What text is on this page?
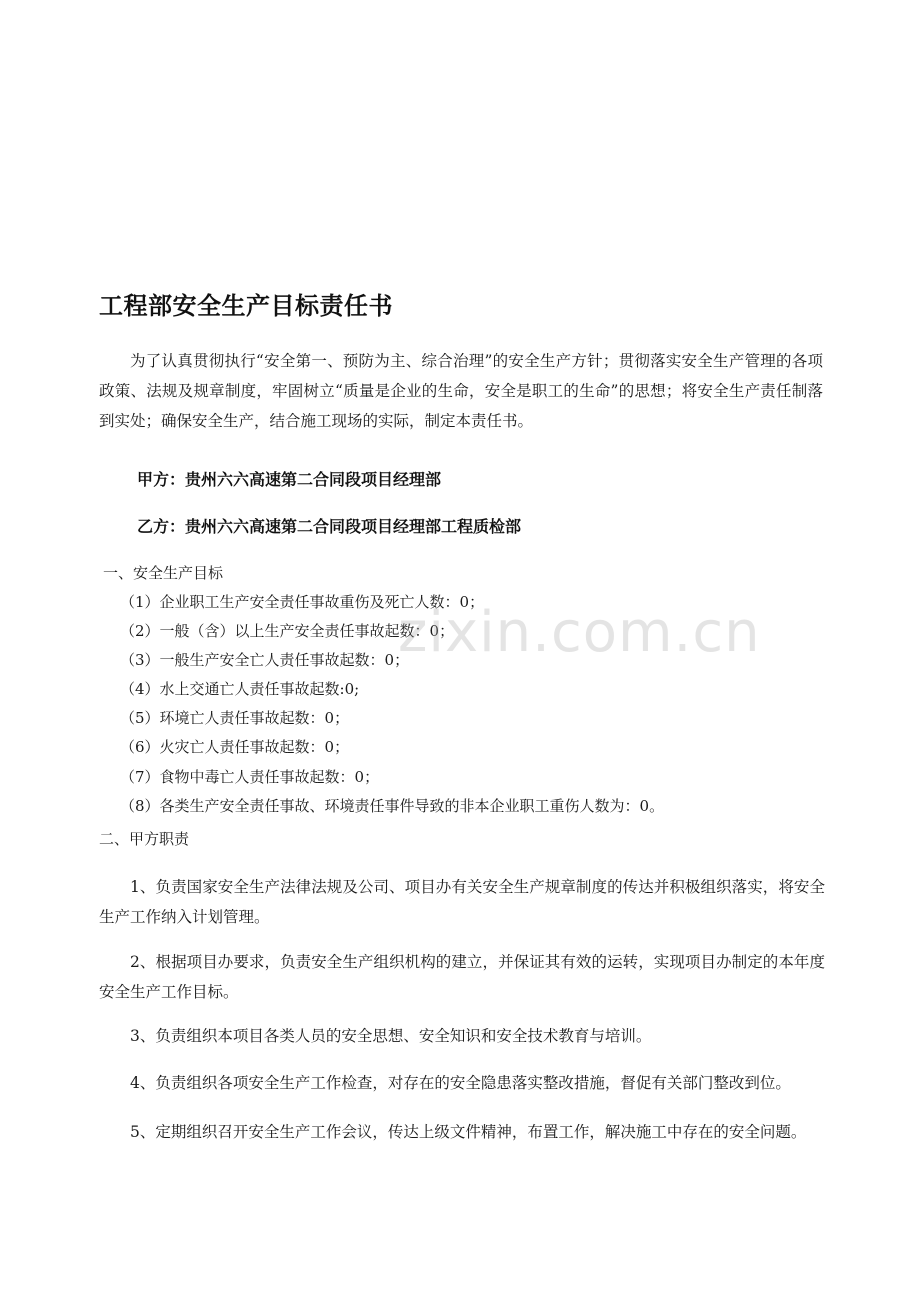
工程部安全生产目标责任书

为了认真贯彻执行“安全第一、预防为主、综合治理”的安全生产方针；贯彻落实安全生产管理的各项政策、法规及规章制度，牢固树立“质量是企业的生命，安全是职工的生命”的思想；将安全生产责任制落到实处；确保安全生产，结合施工现场的实际，制定本责任书。

甲方：贵州六六高速第二合同段项目经理部
乙方：贵州六六高速第二合同段项目经理部工程质检部
一、安全生产目标
（1）企业职工生产安全责任事故重伤及死亡人数：0；
（2）一般（含）以上生产安全责任事故起数：0；
（3）一般生产安全亡人责任事故起数：0；
（4）水上交通亡人责任事故起数:0;
（5）环境亡人责任事故起数：0；
（6）火灾亡人责任事故起数：0；
（7）食物中毒亡人责任事故起数：0；
（8）各类生产安全责任事故、环境责任事件导致的非本企业职工重伤人数为：0。
二、甲方职责

1、负责国家安全生产法律法规及公司、项目办有关安全生产规章制度的传达并积极组织落实，将安全生产工作纳入计划管理。

2、根据项目办要求，负责安全生产组织机构的建立，并保证其有效的运转，实现项目办制定的本年度安全生产工作目标。

3、负责组织本项目各类人员的安全思想、安全知识和安全技术教育与培训。

4、负责组织各项安全生产工作检查，对存在的安全隐患落实整改措施，督促有关部门整改到位。

5、定期组织召开安全生产工作会议，传达上级文件精神，布置工作，解决施工中存在的安全问题。

zixin.com.cn
